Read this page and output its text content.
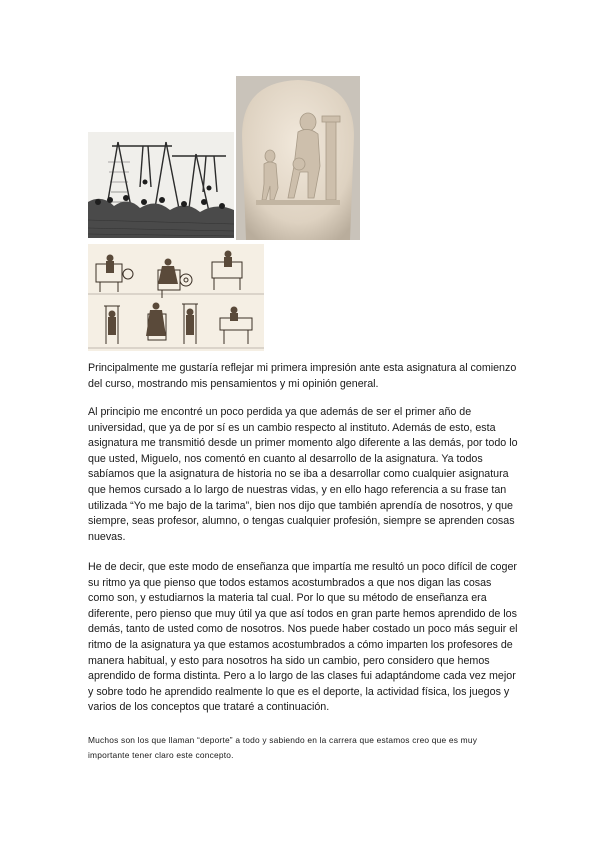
Principalmente me gustaría reflejar mi primera impresión ante esta asignatura al comienzo del curso, mostrando mis pensamientos y mi opinión general.

Al principio me encontré un poco perdida ya que además de ser el primer año de universidad, que ya de por sí es un cambio respecto al instituto. Además de esto, esta asignatura me transmitió desde un primer momento algo diferente a las demás, por todo lo que usted, Miguelo, nos comentó en cuanto al desarrollo de la asignatura. Ya todos sabíamos que la asignatura de historia no se iba a desarrollar como cualquier asignatura que hemos cursado a lo largo de nuestras vidas, y en ello hago referencia a su frase tan utilizada “Yo me bajo de la tarima”, bien nos dijo que también aprendía de nosotros, y que siempre, seas profesor, alumno, o tengas cualquier profesión, siempre se aprenden cosas nuevas.

He de decir, que este modo de enseñanza que impartía me resultó un poco difícil de coger su ritmo ya que pienso que todos estamos acostumbrados a que nos digan las cosas como son, y estudiarnos la materia tal cual. Por lo que su método de enseñanza era diferente, pero pienso que muy útil ya que así todos en gran parte hemos aprendido de los demás, tanto de usted como de nosotros. Nos puede haber costado un poco más seguir el ritmo de la asignatura ya que estamos acostumbrados a cómo imparten los profesores de manera habitual, y esto para nosotros ha sido un cambio, pero considero que hemos aprendido de forma distinta. Pero a lo largo de las clases fui adaptándome cada vez mejor y sobre todo he aprendido realmente lo que es el deporte, la actividad física, los juegos y varios de los conceptos que trataré a continuación.

Muchos son los que llaman “deporte” a todo y sabiendo en la carrera que estamos creo que es muy importante tener claro este concepto.
